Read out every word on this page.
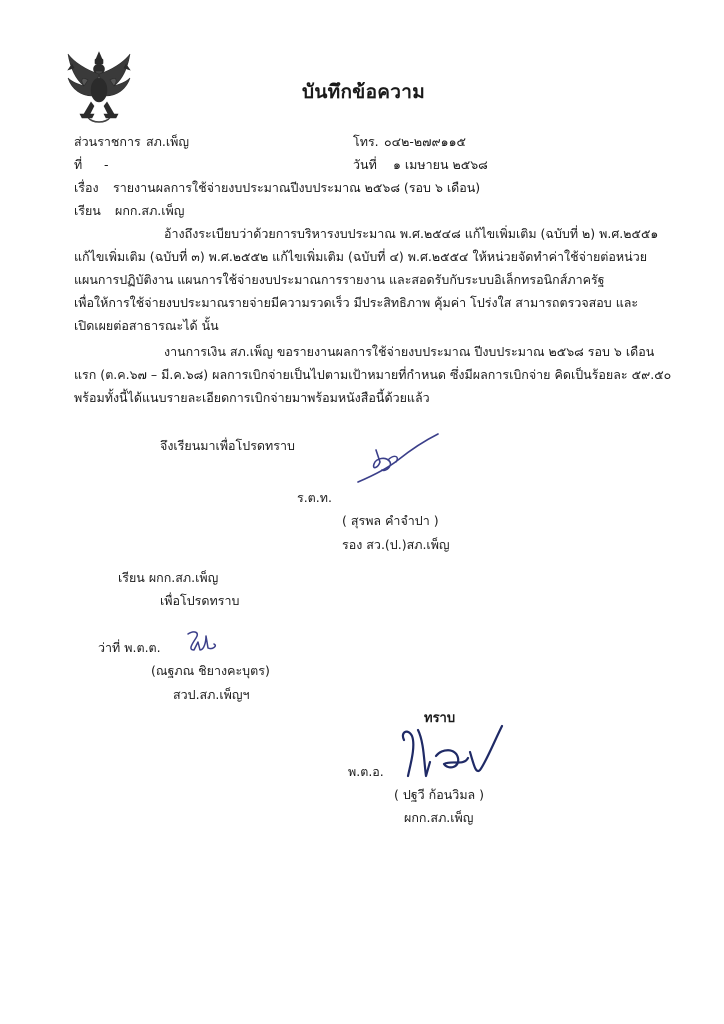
บันทึกข้อความ
ส่วนราชการ สภ.เพ็ญ	โทร. ๐๔๒-๒๗๙๑๑๕
ที่ -	วันที่ ๑ เมษายน ๒๕๖๘
เรื่อง รายงานผลการใช้จ่ายงบประมาณปีงบประมาณ ๒๕๖๘ (รอบ ๖ เดือน)
เรียน ผกก.สภ.เพ็ญ
อ้างถึงระเบียบว่าด้วยการบริหารงบประมาณ พ.ศ.๒๕๔๘ แก้ไขเพิ่มเติม (ฉบับที่ ๒) พ.ศ.๒๕๕๑
แก้ไขเพิ่มเติม (ฉบับที่ ๓) พ.ศ.๒๕๕๒ แก้ไขเพิ่มเติม (ฉบับที่ ๔) พ.ศ.๒๕๕๔ ให้หน่วยจัดทำค่าใช้จ่ายต่อหน่วย
แผนการปฏิบัติงาน แผนการใช้จ่ายงบประมาณการรายงาน และสอดรับกับระบบอิเล็กทรอนิกส์ภาครัฐ
เพื่อให้การใช้จ่ายงบประมาณรายจ่ายมีความรวดเร็ว มีประสิทธิภาพ คุ้มค่า โปร่งใส สามารถตรวจสอบ และ
เปิดเผยต่อสาธารณะได้ นั้น
งานการเงิน สภ.เพ็ญ ขอรายงานผลการใช้จ่ายงบประมาณ ปีงบประมาณ ๒๕๖๘ รอบ ๖ เดือน
แรก (ต.ค.๖๗ – มี.ค.๖๘) ผลการเบิกจ่ายเป็นไปตามเป้าหมายที่กำหนด ซึ่งมีผลการเบิกจ่าย คิดเป็นร้อยละ ๕๙.๕๐
พร้อมทั้งนี้ได้แนบรายละเอียดการเบิกจ่ายมาพร้อมหนังสือนี้ด้วยแล้ว
จึงเรียนมาเพื่อโปรดทราบ
ร.ต.ท.
( สุรพล คำจำปา )
รอง สว.(ป.)สภ.เพ็ญ
เรียน ผกก.สภ.เพ็ญ
เพื่อโปรดทราบ
ว่าที่ พ.ต.ต.
(ณฐภณ ชิยางคะบุตร)
สวป.สภ.เพ็ญฯ
ทราบ
พ.ต.อ.
( ปฐวี ก้อนวิมล )
ผกก.สภ.เพ็ญ
